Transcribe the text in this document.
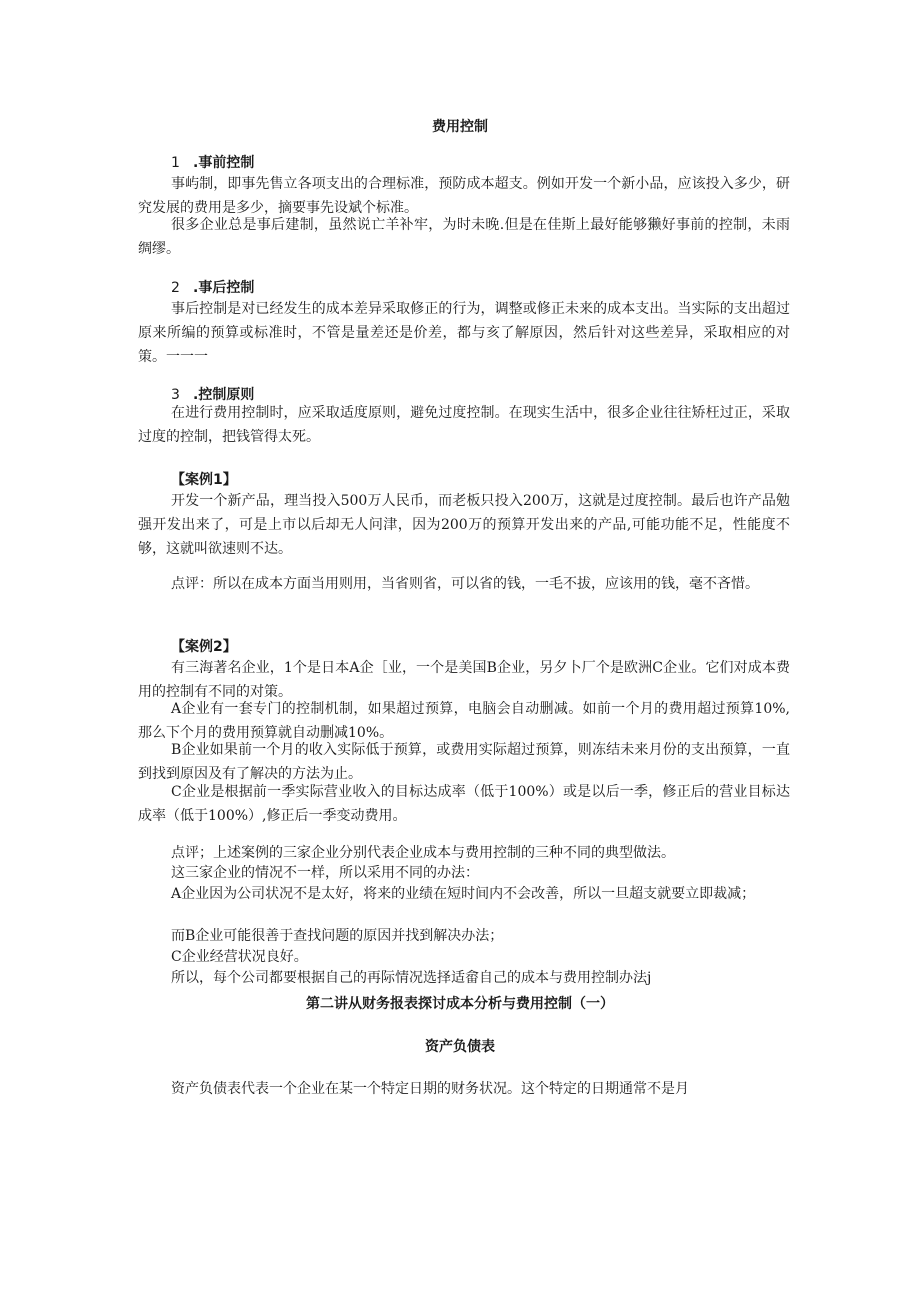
费用控制
1 .事前控制
事屿制，即事先售立各项支出的合理标准，预防成本超支。例如开发一个新小品，应该投入多少，研究发展的费用是多少，摘要事先设斌个标准。
很多企业总是事后建制，虽然说亡羊补牢，为时未晚.但是在佳斯上最好能够獭好事前的控制，未雨绸缪。
2 .事后控制
事后控制是对已经发生的成本差异采取修正的行为，调整或修正未来的成本支出。当实际的支出超过原来所编的预算或标准时，不管是量差还是价差，都与亥了解原因，然后针对这些差异，采取相应的对策。一一一
3 .控制原则
在进行费用控制时，应采取适度原则，避免过度控制。在现实生活中，很多企业往往矫枉过正，采取过度的控制，把钱管得太死。
【案例1】
开发一个新产品，理当投入500万人民币，而老板只投入200万，这就是过度控制。最后也许产品勉强开发出来了，可是上市以后却无人问津，因为200万的预算开发出来的产品,可能功能不足，性能度不够，这就叫欲速则不达。
点评：所以在成本方面当用则用，当省则省，可以省的钱，一毛不拔，应该用的钱，毫不吝惜。
【案例2】
有三海著名企业，1个是日本A企［业，一个是美国B企业，另夕卜厂个是欧洲C企业。它们对成本费用的控制有不同的对策。
A企业有一套专门的控制机制，如果超过预算，电脑会自动删减。如前一个月的费用超过预算10%,那么下个月的费用预算就自动删减10%。
B企业如果前一个月的收入实际低于预算，或费用实际超过预算，则冻结未来月份的支出预算，一直到找到原因及有了解决的方法为止。
C企业是根据前一季实际营业收入的目标达成率（低于100%）或是以后一季，修正后的营业目标达成率（低于100%）,修正后一季变动费用。
点评；上述案例的三家企业分别代表企业成本与费用控制的三种不同的典型做法。
这三家企业的情况不一样，所以采用不同的办法：
A企业因为公司状况不是太好，将来的业绩在短时间内不会改善，所以一旦超支就要立即裁减；
而B企业可能很善于查找问题的原因并找到解决办法；
C企业经营状况良好。
所以，每个公司都要根据自己的再际情况选择适畲自己的成本与费用控制办法j
第二讲从财务报表探讨成本分析与费用控制（一）
资产负债表
资产负债表代表一个企业在某一个特定日期的财务状况。这个特定的日期通常不是月
